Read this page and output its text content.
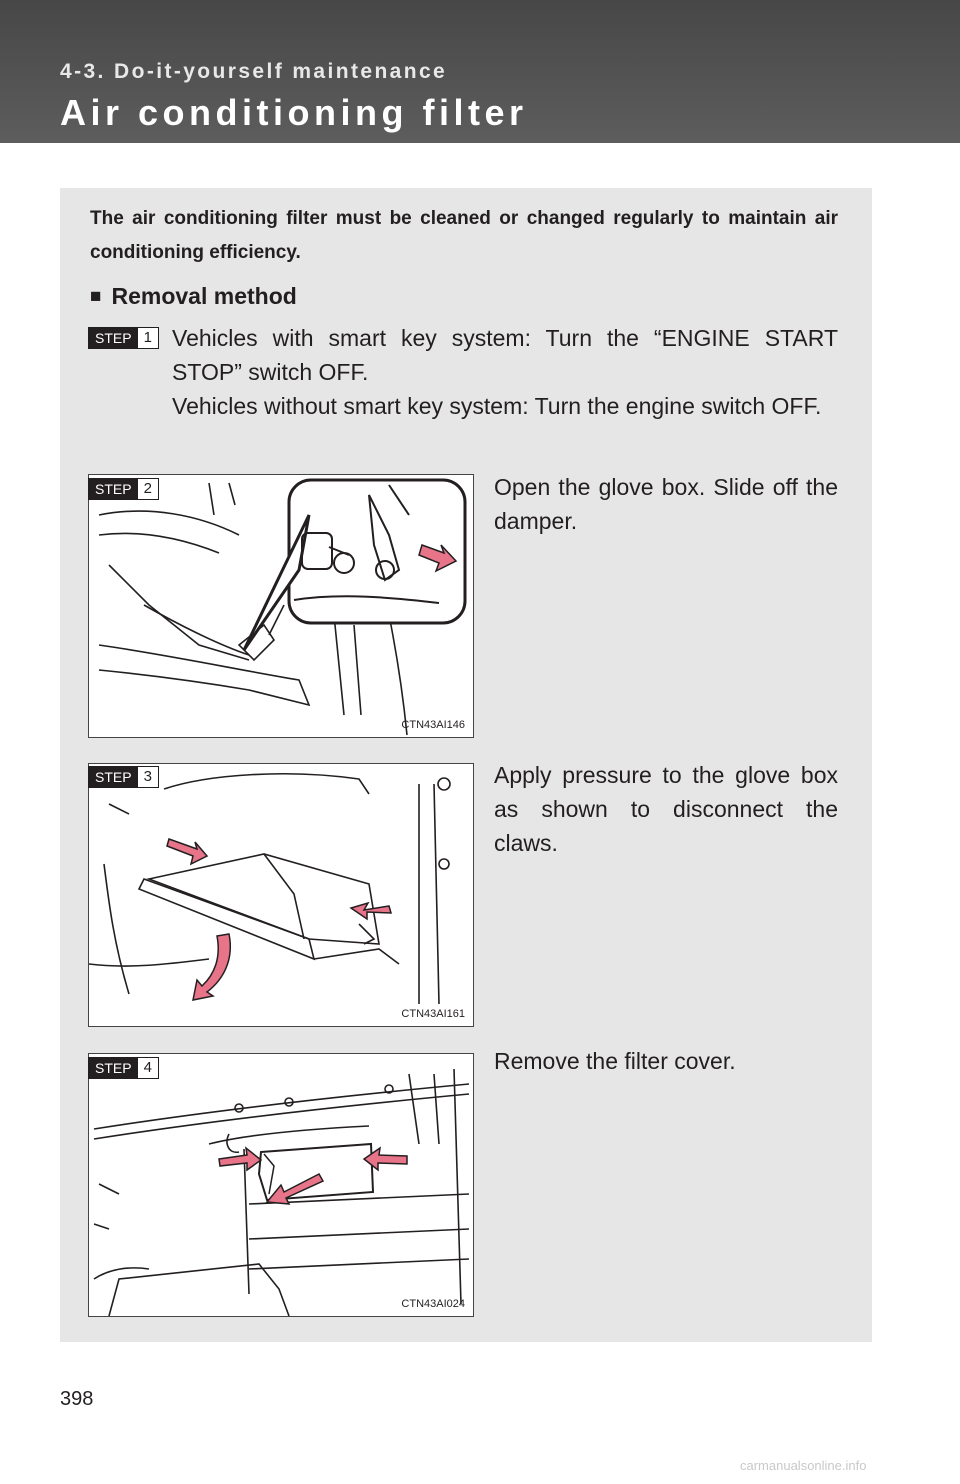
4-3. Do-it-yourself maintenance
Air conditioning filter
The air conditioning filter must be cleaned or changed regularly to maintain air conditioning efficiency.
■ Removal method
STEP 1 Vehicles with smart key system: Turn the “ENGINE START STOP” switch OFF.
Vehicles without smart key system: Turn the engine switch OFF.
CTN43AI146
STEP 2	Open the glove box. Slide off the damper.
CTN43AI161
STEP 3	Apply pressure to the glove box as shown to disconnect the claws.
CTN43AI024
STEP 4	Remove the filter cover.
398
carmanualsonline.info
